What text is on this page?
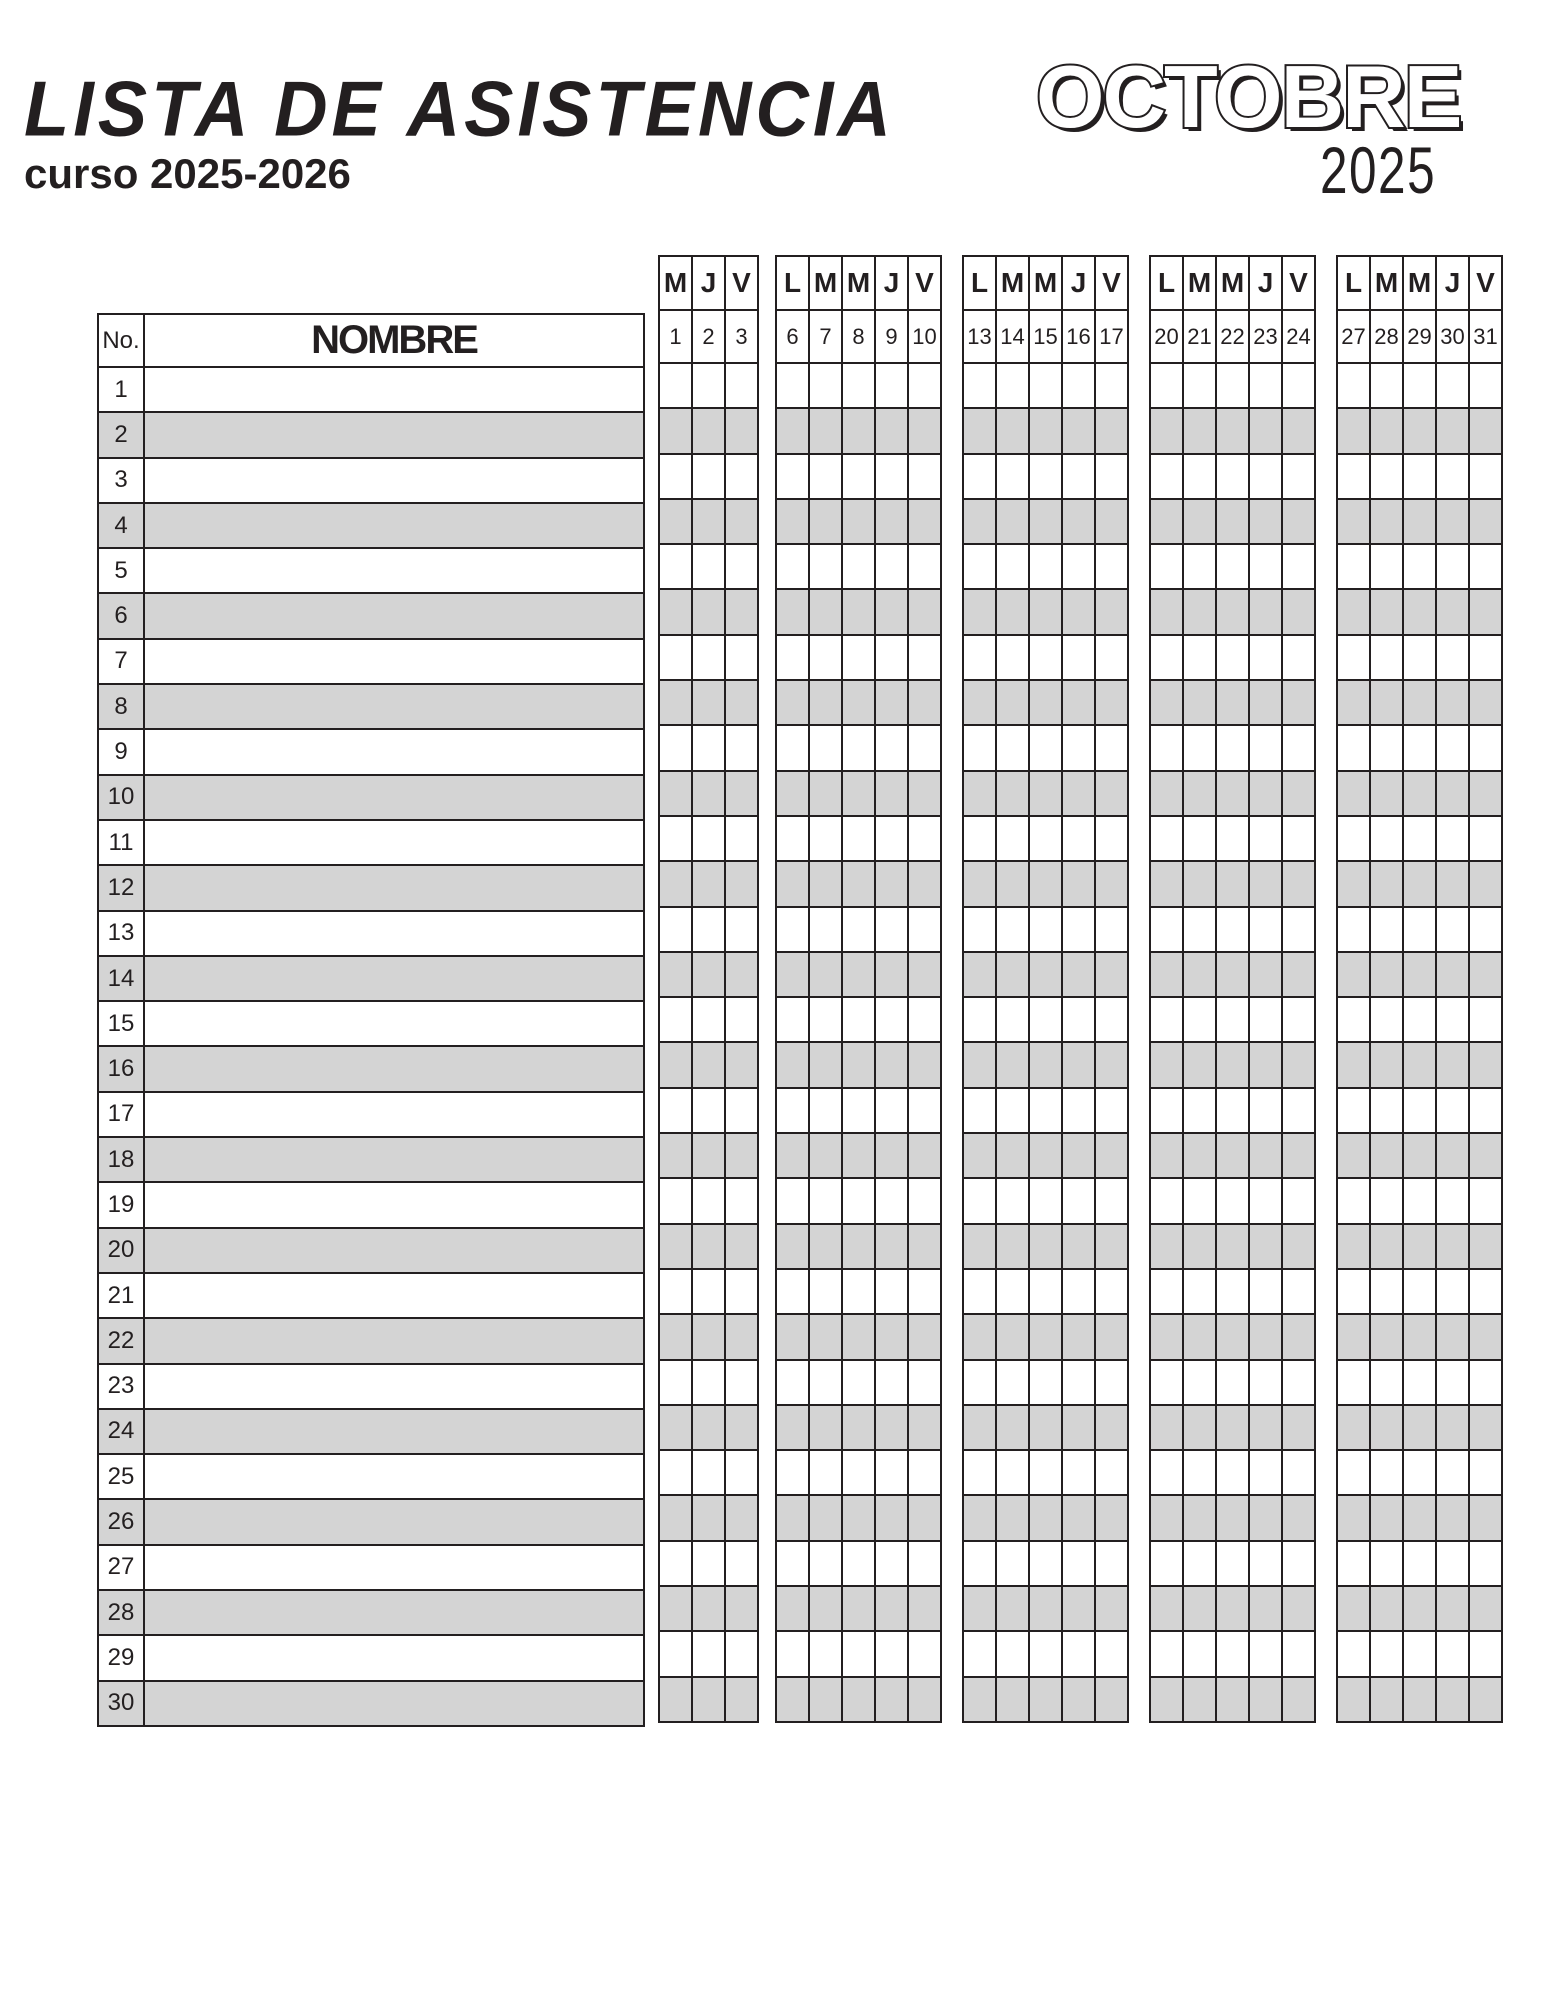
LISTA DE ASISTENCIA
curso 2025-2026
OCTOBRE
2025
No.	NOMBRE
1	
2	
3	
4	
5	
6	
7	
8	
9	
10	
11	
12	
13	
14	
15	
16	
17	
18	
19	
20	
21	
22	
23	
24	
25	
26	
27	
28	
29	
30	
M	J	V
1	2	3

L	M	M	J	V
6	7	8	9	10

L	M	M	J	V
13	14	15	16	17

L	M	M	J	V
20	21	22	23	24

L	M	M	J	V
27	28	29	30	31
